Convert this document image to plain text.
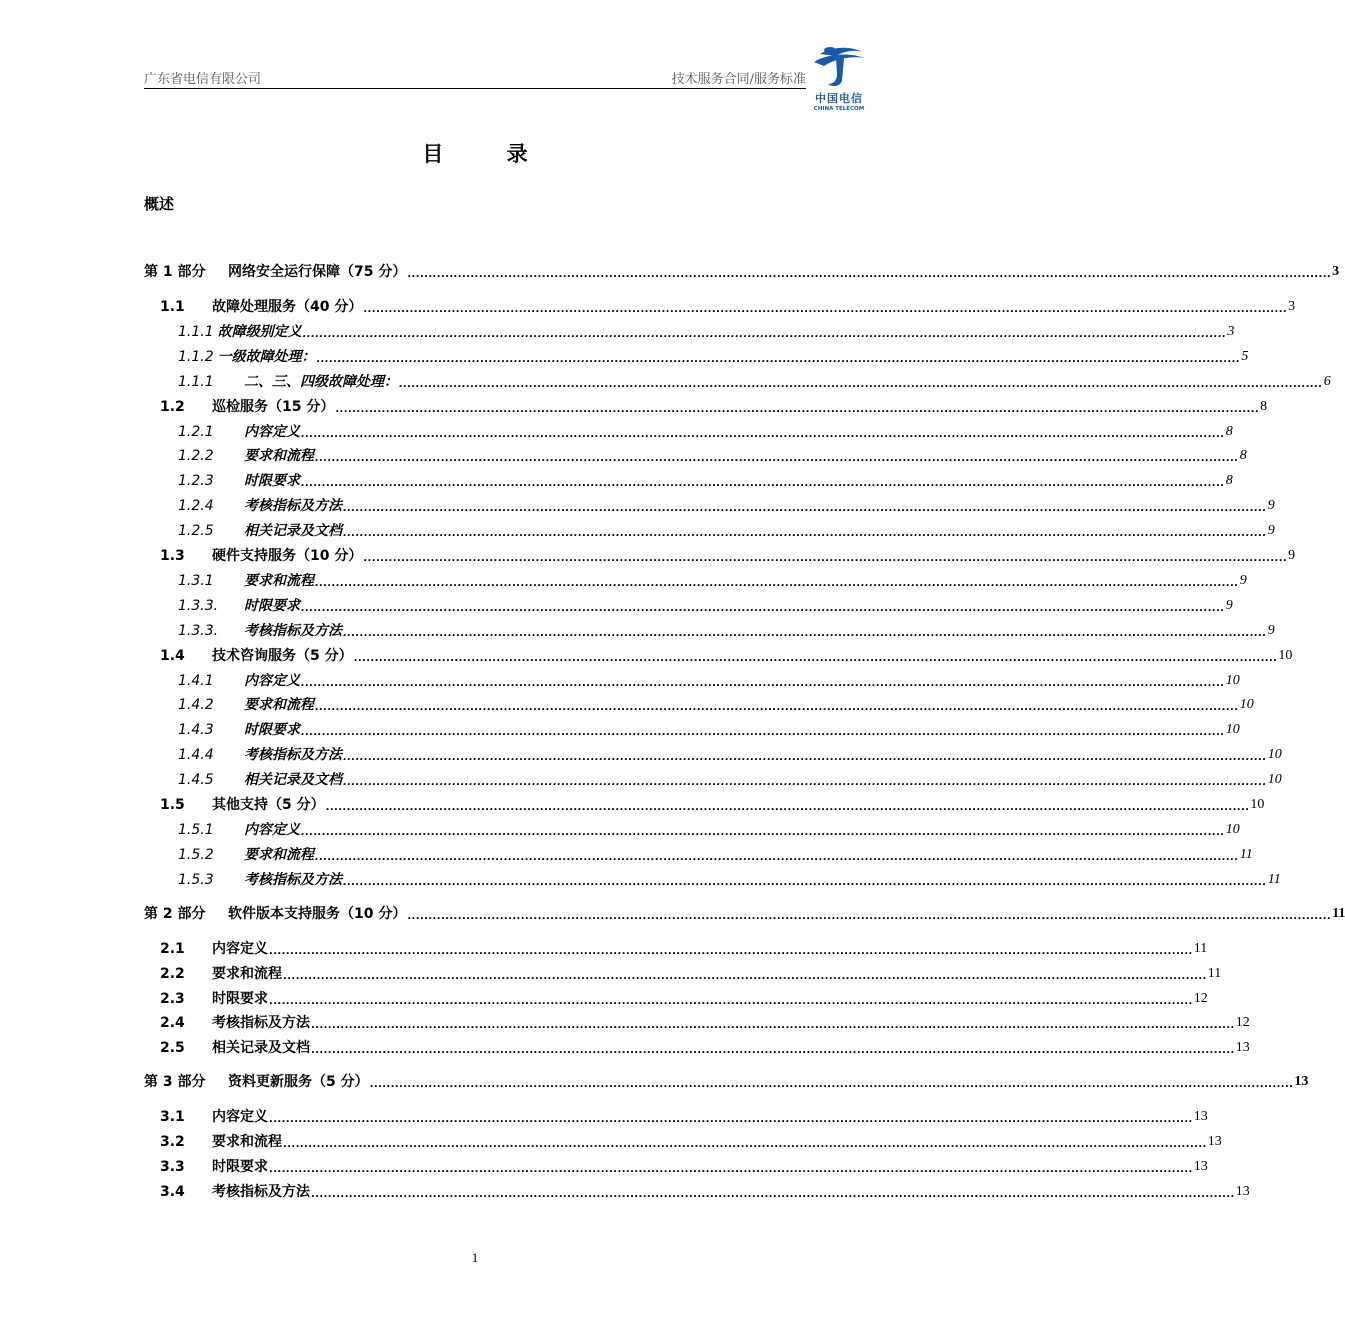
广东省电信有限公司	技术服务合同/服务标准
中国电信
CHINA TELECOM
目 录
概述
第 1 部分	网络安全运行保障（75 分） ............................................................................................................................................................................................................................ 3
1.1	故障处理服务（40 分） ............................................................................................................................................................................................................................ 3
1.1.1 故障级别定义 ............................................................................................................................................................................................................................ 3
1.1.2 一级故障处理： ............................................................................................................................................................................................................................ 5
1.1.1	二、三、四级故障处理： ............................................................................................................................................................................................................................ 6
1.2	巡检服务（15 分） ............................................................................................................................................................................................................................ 8
1.2.1	内容定义 ............................................................................................................................................................................................................................ 8
1.2.2	要求和流程 ............................................................................................................................................................................................................................ 8
1.2.3	时限要求 ............................................................................................................................................................................................................................ 8
1.2.4	考核指标及方法 ............................................................................................................................................................................................................................ 9
1.2.5	相关记录及文档 ............................................................................................................................................................................................................................ 9
1.3	硬件支持服务（10 分） ............................................................................................................................................................................................................................ 9
1.3.1	要求和流程 ............................................................................................................................................................................................................................ 9
1.3.3.	时限要求 ............................................................................................................................................................................................................................ 9
1.3.3.	考核指标及方法 ............................................................................................................................................................................................................................ 9
1.4	技术咨询服务（5 分） ............................................................................................................................................................................................................................ 10
1.4.1	内容定义 ............................................................................................................................................................................................................................ 10
1.4.2	要求和流程 ............................................................................................................................................................................................................................ 10
1.4.3	时限要求 ............................................................................................................................................................................................................................ 10
1.4.4	考核指标及方法 ............................................................................................................................................................................................................................ 10
1.4.5	相关记录及文档 ............................................................................................................................................................................................................................ 10
1.5	其他支持（5 分） ............................................................................................................................................................................................................................ 10
1.5.1	内容定义 ............................................................................................................................................................................................................................ 10
1.5.2	要求和流程 ............................................................................................................................................................................................................................ 11
1.5.3	考核指标及方法 ............................................................................................................................................................................................................................ 11
第 2 部分	软件版本支持服务（10 分） ............................................................................................................................................................................................................................ 11
2.1	内容定义 ............................................................................................................................................................................................................................ 11
2.2	要求和流程 ............................................................................................................................................................................................................................ 11
2.3	时限要求 ............................................................................................................................................................................................................................ 12
2.4	考核指标及方法 ............................................................................................................................................................................................................................ 12
2.5	相关记录及文档 ............................................................................................................................................................................................................................ 13
第 3 部分	资料更新服务（5 分） ............................................................................................................................................................................................................................ 13
3.1	内容定义 ............................................................................................................................................................................................................................ 13
3.2	要求和流程 ............................................................................................................................................................................................................................ 13
3.3	时限要求 ............................................................................................................................................................................................................................ 13
3.4	考核指标及方法 ............................................................................................................................................................................................................................ 13
1
